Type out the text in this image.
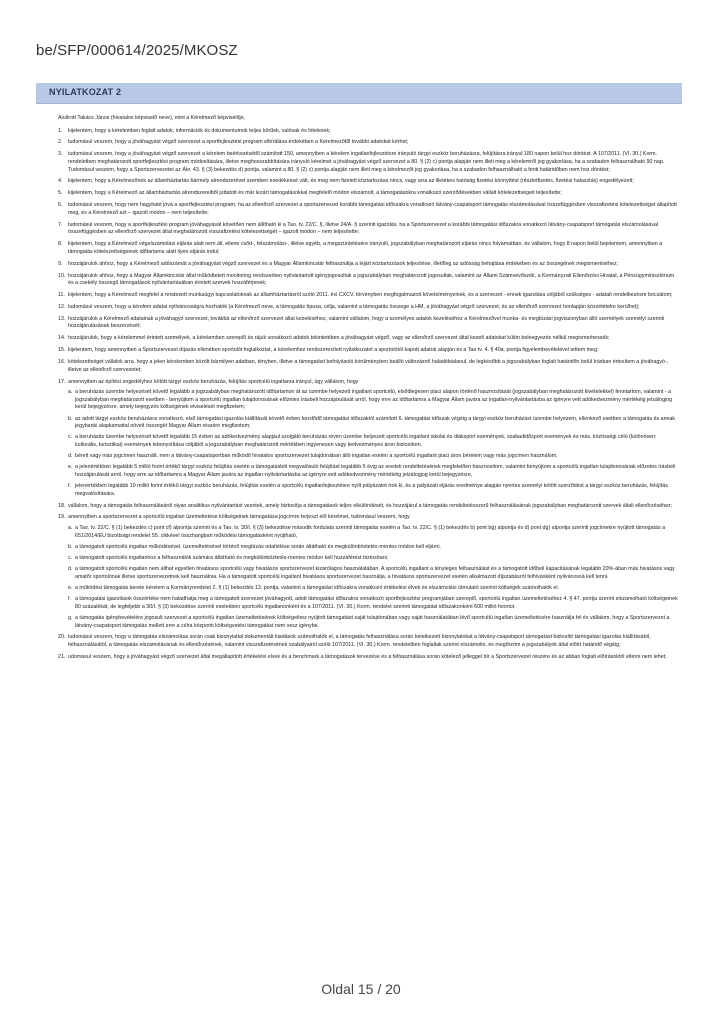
be/SFP/000614/2025/MKOSZ
NYILATKOZAT 2

Alulírott Takács János (hivatalos képviselő neve), mint a Kérelmező képviselője,

1. kijelentem, hogy a kérelemben foglalt adatok, információk és dokumentumok teljes körűek, valósak és hitelesek;
2. tudomásul veszem, hogy a jóváhagyást végző szervezet a sportfejlesztési program elbírálása érdekében a Kérelmezőtől további adatokat kérhet;
3. tudomásul veszem, hogy a jóváhagyást végző szervezet a kérelem beérkezésétől számított 150, amennyiben a kérelem ingatlanfejlesztésre irányuló tárgyi eszköz beruházásra, felújításra irányul 180 napon belül hoz döntést. A 107/2011. (VI. 30.) Korm. rendeletben meghatározott sportfejlesztési program módosítására, illetve meghosszabbítására irányuló kérelmet a jóváhagyást végző szervezet a 80. § (2) c) pontja alapján nem illeti meg a kérelemről jog gyakorlása, ha a szabadon felhasználható 90 nap. Tudomásul veszem, hogy a Sportszervezetet az Ákr. 43. § (3) bekezdés d) pontja, valamint a 80. § (2) c) pontja alapján nem illeti meg a kérelmezőt jog gyakorlása, ha a szabadon felhasználható a fenti határidőben nem hoz döntést;
4. kijelentem, hogy a Kérelmezőnek az államháztartás bármely alrendszerével szemben esedékessé vált, és meg nem fizetett köztartozása nincs, vagy arra az illetékes hatóság fizetési könnyítést (részletfizetés, fizetési halasztás) engedélyezett;
5. kijelentem, hogy a Kérelmező az államháztartás alrendszereiből juttatott és már lezárt támogatásokkal megfelelő módon elszámolt, a támogatásokra vonatkozó szerződésekben vállalt kötelezettségeit teljesítette;
6. tudomásul veszem, hogy nem hagyható jóvá a sportfejlesztési program, ha az ellenőrző szervezet a sportszervezet korábbi támogatási időszakra vonatkozó látvány-csapatsport támogatás elszámolásával összefüggésben visszafizetési kötelezettséget állapított meg, és a Kérelmező azt – igazolt módon – nem teljesítette;
7. tudomásul veszem, hogy a sportfejlesztési program jóváhagyását követően nem állítható ki a Tao. tv. 22/C. §, illetve 24/A. § szerinti igazolás, ha a Sportszervezet a korábbi támogatási időszakra vonatkozó látvány-csapatsport támogatás elszámolásával összefüggésben az ellenőrző szervezet által meghatározott visszafizetési kötelezettségét – igazolt módon – nem teljesítette;
8. kijelentem, hogy a Kérelmező végelszámolási eljárás alatt nem áll, ellene csőd-, felszámolási-, illetve egyéb, a megszüntetésére irányuló, jogszabályban meghatározott eljárás nincs folyamatban, és vállalom, hogy 8 napon belül bejelentem, amennyiben a támogatás kötelezettségeinek időtartama alatt ilyen eljárás indul;
9. hozzájárulok ahhoz, hogy a Kérelmező adószámát a jóváhagyást végző szervezet és a Magyar Államkincstár felhasználja a lejárt köztartozások teljesítése, illetőleg az adósság behajtása érdekében és az összegének megismeréséhez;
10. hozzájárulok ahhoz, hogy a Magyar Államkincstár által működtetett monitoring rendszerben nyilvántartott igényjogosultak a jogszabályban meghatározott jogosultak, valamint az Állami Számvevőszék, a Kormányzati Ellenőrzési Hivatal, a Pénzügyminisztérium és a csekély összegű támogatások nyilvántartásában érintett szervek hozzáférjenek;
11. kijelentem, hogy a Kérelmező megfelel a rendezett munkaügyi kapcsolatoknak az államháztartásról szóló 2011. évi CXCV. törvényben megfogalmazott követelményeinek, és a szervezet - ennek igazolása céljából szükséges - adatait rendelkezésre bocsátom;
12. tudomásul veszem, hogy a kérelem adatai nyilvánosságra hozhatók (a Kérelmező neve, a támogatás típusa, célja, valamint a támogatás összege a HM, a jóváhagyást végző szervezet, és az ellenőrző szervezet honlapján közzétételre kerülhet);
13. hozzájárulok a Kérelmező adatainak a jóváhagyó szervezet, továbbá az ellenőrző szervezet által kezeléséhez, valamint vállalom, hogy a személyes adatok kezeléséhez a Kérelmezővel munka- és megbízási jogviszonyban álló személyek személyi szerinti hozzájárulásának beszerzését;
14. hozzájárulok, hogy a kérelemmel érintett személyek, a kérelemben szereplő és rájuk vonatkozó adatok tekintetében a jóváhagyást végző, vagy az ellenőrző szervezet által kezelt adatokat külön beleegyezés nélkül megismerhessék;
15. kijelentem, hogy amennyiben a Sportszervezet díjazás ellenében sportolót foglalkoztat, a kérelemhez rendszeresített nyilatkozatot a sportolótól kapott adatok alapján és a Tao tv. 4. § 40a. pontja figyelembevételével tettem meg;
16. kötelezettséget vállalok arra, hogy a jelen kérelemben közölt bármilyen adatban, tényben, illetve a támogatást befolyásoló körülményben beálló változásról haladéktalanul, de legkésőbb a jogszabályban foglalt határidőn belül írásban értesítem a jóváhagyó-, illetve az ellenőrző szervezetet;
17. amennyiben az építési engedélyhez kötött tárgyi eszköz beruházás, felújítás sportcélú ingatlanra irányul, úgy vállalom, hogy
a. a beruházás üzembe helyezését követő legalább a jogszabályban meghatározott időtartamon át az üzembe helyezett ingatlant sportcélú, elsődlegesen placi alapon történő hasznosítását (jogszabályban meghatározott kivételekkel) fenntartom, valamint - a jogszabályban meghatározott esetben - benyújtom a sportcélú ingatlan tulajdonosának előzetes írásbeli hozzájárulását arról, hogy erre az időtartamra a Magyar Állam javára az ingatlan-nyilvántartásba az igényre vett adókedvezmény mértékéig jelzálogjog kerül bejegyzésre, amely bejegyzés költségének elviselését megfizetem;
b. az adott tárgyi eszköz beruházásra vonatkozó, első támogatási igazolás kiállítását követő évben kezdődő támogatási időszaktól számított 6. támogatási időszak végéig a tárgyi eszköz beruházást üzembe helyezem, ellenkező esetben a támogatás és annak jegybanki alapkamattal növelt összegét Magyar Állam részére megfizetem;
c. a beruházás üzembe helyezését követő legalább 15 évben az adókedvezmény alapjául szolgáló beruházás révén üzembe helyezett sportcélú ingatlant iskolai és diáksport események, szabadidősport események és más, közösségi célú (különösen: kulturális, turisztikai) események lebonyolítása céljából a jogszabályban meghatározott mértékben ingyenesen vagy kedvezményes áron biztosítom.
d. bérelt vagy más jogcímen használt, nem a látvány-csapatsportban működő hivatalos sportszervezet tulajdonában álló ingatlan esetén a sportcélú ingatlant piaci áron bérelem vagy más jogcímen használom,
e. a jelenértékben legalább 5 millió forint értékű tárgyi eszköz felújítás esetén a támogatásból megvalósuló felújítást legalább 5 évig az eredeti rendeltetésének megfelelően hasznosítom, valamint benyújtom a sportcélú ingatlan tulajdonosának előzetes írásbeli hozzájárulását arról, hogy erre az időtartamra a Magyar Állam javára az ingatlan-nyilvántartásba az igényre vett adókedvezmény mértékéig jelzálogjog kerül bejegyzésre,
f. jelenértékben legalább 10 millió forint értékű tárgyi eszköz beruházás, felújítás esetén a sportcélú ingatlanfejlesztésre nyílt pályázatot írok ki, és a pályázati eljárás eredménye alapján nyertes személyi kötött szerződést a tárgyi eszköz beruházás, felújítás megvalósítására.
18. vállalom, hogy a támogatás felhasználásáról olyan analitikus nyilvántartást vezetek, amely biztosítja a támogatások teljes elkülönítését, és hozzájárul a támogatás rendeltetésszerű felhasználásának jogszabályban meghatározott szervek általi ellenőrzéséhez;
19. amennyiben a sportszervezet a sportcélú ingatlan üzemeltetése költségeinek támogatása jogcímre terjeszt elő kérelmet, tudomásul veszem, hogy
a. a Tao. tv. 22/C. § (1) bekezdés c) pont cf) alpontja szerinti és a Tao. tv. 30/I. § (3) bekezdése második fordulata szerinti támogatás esetén a Tao. tv. 22/C. § (1) bekezdés b) pont bg) alpontja és d) pont dg) alpontja szerinti jogcímekre nyújtott támogatás a 651/2014/EU bizottsági rendelet 55. cikkével összhangban működési támogatásként nyújtható,
b. a támogatott sportcélú ingatlan működésével, üzemeltetésével történő megbízás odaítélése során átlátható és megkülönböztetés-mentes módon kell eljárni.
c. a támogatott sportcélú ingatlanhoz a felhasználók számára átlátható és megkülönböztetés-mentes módon kell hozzáférést biztosítani.
d. a támogatott sportcélú ingatlan nem állhat egyetlen hivatásos sportcélú vagy hivatásos sportszervezet kizárólagos használatában. A sportcélú ingatlant a tényleges felhasználást és a támogatott időbeli kapacitásának legalább 20%-ában más hivatásos vagy amatőr sportolónak illetve sportszervezetnek kell használnia. Ha a támogatott sportcélú ingatlant hivatásos sportszervezet használja, a hivatásos sportszervezet esetén alkalmazott díjszabásról felhívásként nyilvánossá kell tenni.
e. a működési támogatás kerete kérelem a Kormányrendelet 2. § (1) bekezdés 13. pontja, valamint a támogatási időszakra vonatkozó értékelési elvek és elszámolási útmutató szerinti költségek számolhatók el.
f. a támogatási igazolások összértéke nem haladhatja meg a támogatott szervezet jóváhagyott, adott támogatási időszakra vonatkozó sportfejlesztési programjában szereplő, sportcélú ingatlan üzemeltetéséhez 4. § 47. pontja szerint elszámolható költségeinek 80 százalékát, de legfeljebb a 30/I. § (3) bekezdése szerinti esetekben sportcélú ingatlanonként és a 107/2011. (VI. 30.) Korm. rendelet szerinti támogatási időszakonként 600 millió forintot.
g. a támogatás igénybevételére jogosult szervezet a sportcélú ingatlan üzemeltetésének költségeihez nyújtott támogatást saját tulajdonában vagy saját használatában lévő sportcélú ingatlan üzemeltetésére használja fel és vállalom, hogy a Sportszervezet a látvány-csapatsport támogatás mellett erre a célra központi költségvetési támogatást nem vesz igénybe.
20. tudomásul veszem, hogy a támogatás elszámolása során csak bizonylattal dokumentált kiadások számolhatók el, a támogatás felhasználása során keletkezett bizonylatokat a látvány-csapatsport támogatást biztosító támogatási igazolás kiállításától, felhasználásától, a támogatás elszámolásának és ellenőrzésének, valamint visszafizetésének szabályairól szóló 107/2011. (VI. 30.) Korm. rendeletben foglaltak szerint elszámolni, és megőrzöm a jogszabályok által előírt határidő végéig;
21. udomásul veszem, hogy a jóváhagyást végző szervezet által megállapított értékelési elvek és a benchmark a támogatások tervezése és a felhasználása során kötelező jelleggel bír a Sportszervezet részére és az abban foglalt előírásoktól eltérni nem lehet;
Oldal 15 / 20
